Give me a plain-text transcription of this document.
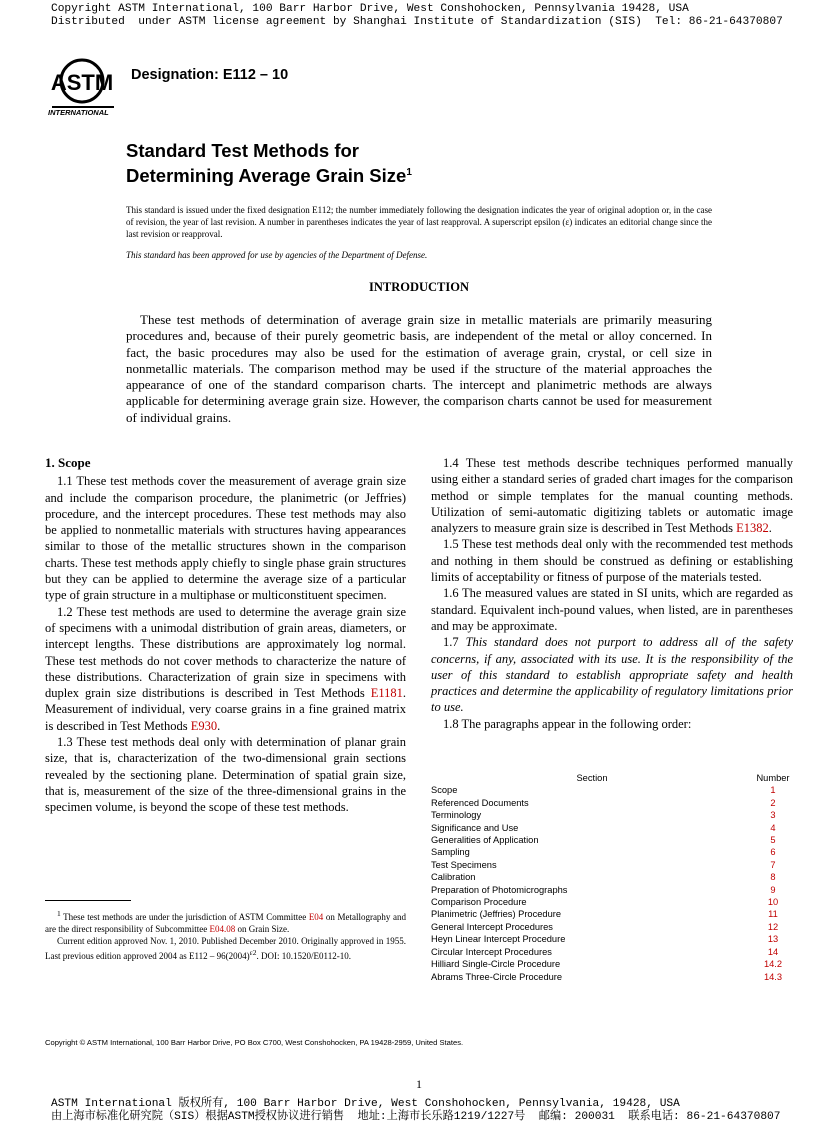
Copyright ASTM International, 100 Barr Harbor Drive, West Conshohocken, Pennsylvania 19428, USA
Distributed  under ASTM license agreement by Shanghai Institute of Standardization (SIS)  Tel: 86-21-64370807
ASTM
INTERNATIONAL
Designation: E112 – 10
Standard Test Methods for
Determining Average Grain Size$^1$
This standard is issued under the fixed designation E112; the number immediately following the designation indicates the year of original adoption or, in the case of revision, the year of last revision. A number in parentheses indicates the year of last reapproval. A superscript epsilon (ε) indicates an editorial change since the last revision or reapproval.
This standard has been approved for use by agencies of the Department of Defense.
INTRODUCTION
These test methods of determination of average grain size in metallic materials are primarily measuring procedures and, because of their purely geometric basis, are independent of the metal or alloy concerned. In fact, the basic procedures may also be used for the estimation of average grain, crystal, or cell size in nonmetallic materials. The comparison method may be used if the structure of the material approaches the appearance of one of the standard comparison charts. The intercept and planimetric methods are always applicable for determining average grain size. However, the comparison charts cannot be used for measurement of individual grains.
1. Scope

1.1 These test methods cover the measurement of average grain size and include the comparison procedure, the planimetric (or Jeffries) procedure, and the intercept procedures. These test methods may also be applied to nonmetallic materials with structures having appearances similar to those of the metallic structures shown in the comparison charts. These test methods apply chiefly to single phase grain structures but they can be applied to determine the average size of a particular type of grain structure in a multiphase or multiconstituent specimen.

1.2 These test methods are used to determine the average grain size of specimens with a unimodal distribution of grain areas, diameters, or intercept lengths. These distributions are approximately log normal. These test methods do not cover methods to characterize the nature of these distributions. Characterization of grain size in specimens with duplex grain size distributions is described in Test Methods E1181. Measurement of individual, very coarse grains in a fine grained matrix is described in Test Methods E930.

1.3 These test methods deal only with determination of planar grain size, that is, characterization of the two-dimensional grain sections revealed by the sectioning plane. Determination of spatial grain size, that is, measurement of the size of the three-dimensional grains in the specimen volume, is beyond the scope of these test methods.

1.4 These test methods describe techniques performed manually using either a standard series of graded chart images for the comparison method or simple templates for the manual counting methods. Utilization of semi-automatic digitizing tablets or automatic image analyzers to measure grain size is described in Test Methods E1382.

1.5 These test methods deal only with the recommended test methods and nothing in them should be construed as defining or establishing limits of acceptability or fitness of purpose of the materials tested.

1.6 The measured values are stated in SI units, which are regarded as standard. Equivalent inch-pound values, when listed, are in parentheses and may be approximate.

1.7 This standard does not purport to address all of the safety concerns, if any, associated with its use. It is the responsibility of the user of this standard to establish appropriate safety and health practices and determine the applicability of regulatory limitations prior to use.

1.8 The paragraphs appear in the following order:

Section	Number
Scope	1
Referenced Documents	2
Terminology	3
Significance and Use	4
Generalities of Application	5
Sampling	6
Test Specimens	7
Calibration	8
Preparation of Photomicrographs	9
Comparison Procedure	10
Planimetric (Jeffries) Procedure	11
General Intercept Procedures	12
Heyn Linear Intercept Procedure	13
Circular Intercept Procedures	14
Hilliard Single-Circle Procedure	14.2
Abrams Three-Circle Procedure	14.3

$^1$ These test methods are under the jurisdiction of ASTM Committee E04 on Metallography and are the direct responsibility of Subcommittee E04.08 on Grain Size.

Current edition approved Nov. 1, 2010. Published December 2010. Originally approved in 1955. Last previous edition approved 2004 as $E112 - 96(2004)^{\varepsilon 2}$. DOI: 10.1520/E0112-10.

Copyright © ASTM International, 100 Barr Harbor Drive, PO Box C700, West Conshohocken, PA 19428-2959, United States.
1
ASTM International 版权所有, 100 Barr Harbor Drive, West Conshohocken, Pennsylvania, 19428, USA
由上海市标准化研究院（SIS）根据ASTM授权协议进行销售  地址:上海市长乐路1219/1227号  邮编: 200031  联系电话: 86-21-64370807
